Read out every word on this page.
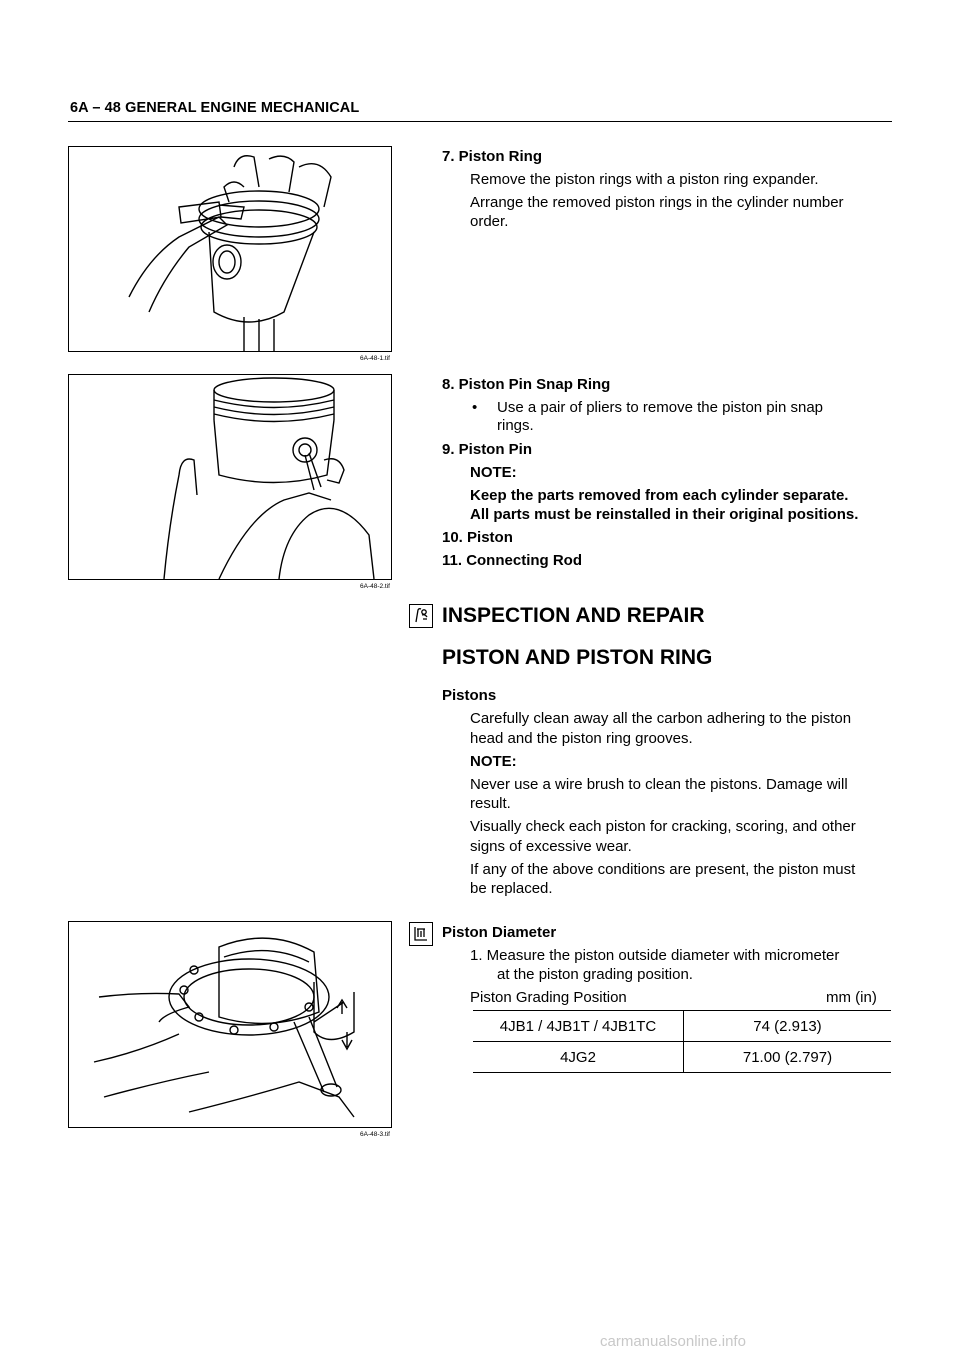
6A – 48 GENERAL ENGINE MECHANICAL
6A-48-1.tif
7. Piston Ring
Remove the piston rings with a piston ring expander.
Arrange the removed piston rings in the cylinder number
order.
6A-48-2.tif
8. Piston Pin Snap Ring
• Use a pair of pliers to remove the piston pin snap
rings.
9. Piston Pin
NOTE:
Keep the parts removed from each cylinder separate.
All parts must be reinstalled in their original positions.
10. Piston
11. Connecting Rod
INSPECTION AND REPAIR
PISTON AND PISTON RING
Pistons
Carefully clean away all the carbon adhering to the piston
head and the piston ring grooves.
NOTE:
Never use a wire brush to clean the pistons. Damage will
result.
Visually check each piston for cracking, scoring, and other
signs of excessive wear.
If any of the above conditions are present, the piston must
be replaced.
6A-48-3.tif
Piston Diameter
1. Measure the piston outside diameter with micrometer
at the piston grading position.
Piston Grading Position	mm (in)
4JB1 / 4JB1T / 4JB1TC	74 (2.913)
4JG2	71.00 (2.797)
carmanualsonline.info
